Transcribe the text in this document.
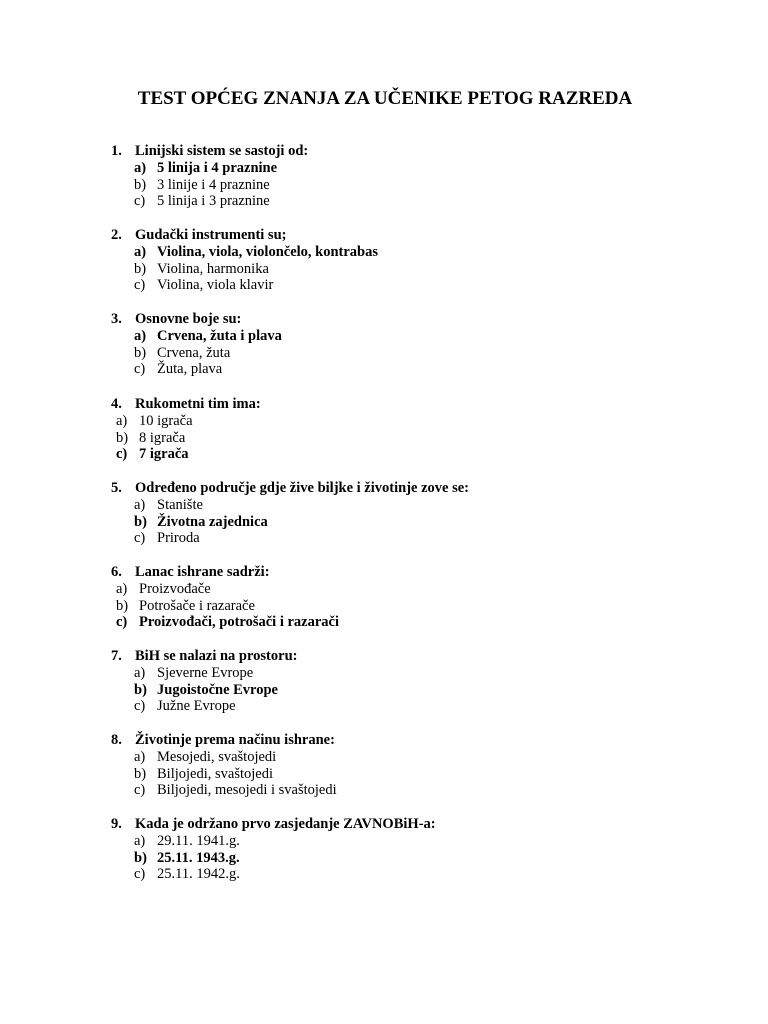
TEST OPĆEG ZNANJA ZA UČENIKE PETOG RAZREDA
1. Linijski sistem se sastoji od:
a) 5 linija i 4 praznine
b) 3 linije i 4 praznine
c) 5 linija i 3 praznine
2. Gudački instrumenti su;
a) Violina, viola, violončelo, kontrabas
b) Violina, harmonika
c) Violina, viola klavir
3. Osnovne boje su:
a) Crvena, žuta i plava
b) Crvena, žuta
c) Žuta, plava
4. Rukometni tim ima:
a) 10 igrača
b) 8 igrača
c) 7 igrača
5. Određeno područje gdje žive biljke i životinje zove se:
a) Stanište
b) Životna zajednica
c) Priroda
6. Lanac ishrane sadrži:
a) Proizvođače
b) Potrošače i razarače
c) Proizvođači, potrošači i razarači
7. BiH se nalazi na prostoru:
a) Sjeverne Evrope
b) Jugoistočne Evrope
c) Južne Evrope
8. Životinje prema načinu ishrane:
a) Mesojedi, svaštojedi
b) Biljojedi, svaštojedi
c) Biljojedi, mesojedi i svaštojedi
9. Kada je održano prvo zasjedanje ZAVNOBiH-a:
a) 29.11. 1941.g.
b) 25.11. 1943.g.
c) 25.11. 1942.g.
